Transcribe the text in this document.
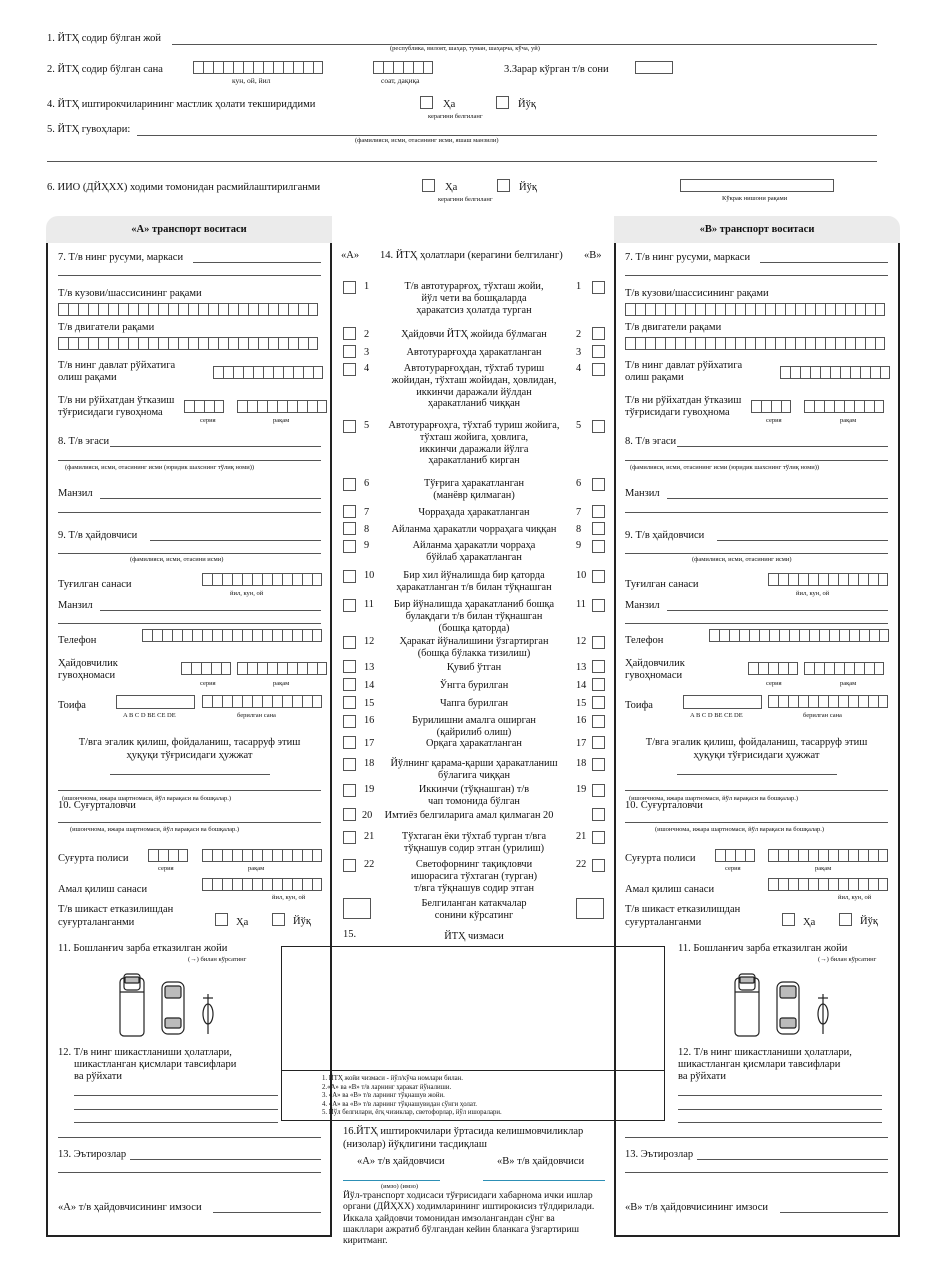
1. ЙТҲ содир бўлган жой
(республика, вилоят, шаҳар, туман, шаҳарча, кўча, уй)
2. ЙТҲ содир бўлган сана
кун, ой, йил	соат, дақиқа
3.Зарар кўрган т/в сони
4. ЙТҲ иштирокчиларининг мастлик ҳолати текшириддими	Ҳа	Йўқ
керагини белгиланг
5. ЙТҲ гувоҳлари:
(фамилияси, исми, отасининг исми, яшаш манзили)
6. ИИО (ДЙҲХХ) ходими томонидан расмийлаштирилганми	Ҳа	Йўқ
керагини белгиланг	Кўкрак нишони рақами
«А» транспорт воситаси	«В» транспорт воситаси
7. Т/в нинг русуми, маркаси
Т/в кузови/шассисининг рақами
Т/в двигатели рақами
Т/в нинг давлат рўйхатига
олиш рақами
Т/в ни рўйхатдан ўтказиш
тўғрисидаги гувоҳнома
серия	рақам
8. Т/в эгаси
(фамилияси, исми, отасининг исми (юридик шахснинг тўлиқ номи))
Манзил
9. Т/в ҳайдовчиси
(фамилияси, исми, отасини исми)
Туғилган санаси
йил, кун, ой
Манзил
Телефон
Ҳайдовчилик
гувоҳномаси
серия	рақам
Тоифа
A B C D BE CE DE	берилган сана
Т/вга эгалик қилиш, фойдаланиш, тасарруф этиш
ҳуқуқи тўғрисидаги ҳужжат
(ишончнома, ижара шартномаси, йўл варақаси ва бошқалар.)
10. Суғурталовчи
(ишончнома, ижара шартномаси, йўл варақаси ва бошқалар.)
Суғурта полиси
серия	рақам
Амал қилиш санаси
йил, кун, ой
Т/в шикаст етказилишдан
суғурталанганми	Ҳа	Йўқ
11. Бошланғич зарба етказилган жойи
(→) билан кўрсатинг
12. Т/в нинг шикастланиши ҳолатлари,
шикастланган қисмлари тавсифлари
ва рўйхати
13. Эътирозлар
«А» т/в ҳайдовчисининг имзоси
7. Т/в нинг русуми, маркаси
Т/в кузови/шассисининг рақами
Т/в двигатели рақами
Т/в нинг давлат рўйхатига
олиш рақами
Т/в ни рўйхатдан ўтказиш
тўғрисидаги гувоҳнома
серия	рақам
8. Т/в эгаси
(фамилияси, исми, отасининг исми (юридик шахснинг тўлиқ номи))
Манзил
9. Т/в ҳайдовчиси
(фамилияси, исми, отасининг исми)
Туғилган санаси
йил, кун, ой
Манзил
Телефон
Ҳайдовчилик
гувоҳномаси
серия	рақам
Тоифа
A B C D BE CE DE	берилган сана
Т/вга эгалик қилиш, фойдаланиш, тасарруф этиш
ҳуқуқи тўғрисидаги ҳужжат
(ишончнома, ижара шартномаси, йўл варақаси ва бошқалар.)
10. Суғурталовчи
(ишончнома, ижара шартномаси, йўл варақаси ва бошқалар.)
Суғурта полиси
серия	рақам
Амал қилиш санаси
йил, кун, ой
Т/в шикаст етказилишдан
суғурталанганми	Ҳа	Йўқ
11. Бошланғич зарба етказилган жойи
(→) билан кўрсатинг
12. Т/в нинг шикастланиши ҳолатлари,
шикастланган қисмлари тавсифлари
ва рўйхати
13. Эътирозлар
«В» т/в ҳайдовчисининг имзоси
«А» 14. ЙТҲ ҳолатлари (керагини белгиланг) «В»
1	1
Т/в автотурарғоҳ, тўхташ жойи,
йўл чети ва бошқаларда
ҳаракатсиз ҳолатда турган
2	2
Ҳайдовчи ЙТҲ жойида бўлмаган
3	3
Автотурарғоҳда ҳаракатланган
4	4
Автотурарғоҳдан, тўхтаб туриш
жойидан, тўхташ жойидан, ҳовлидан,
иккинчи даражали йўлдан
ҳаракатланиб чиққан
5	5
Автотурарғоҳга, тўхтаб туриш жойига,
тўхташ жойига, ҳовлига,
иккинчи даражали йўлга
ҳаракатланиб кирган
6	6
Тўғрига ҳаракатланган
(манёвр қилмаган)
7	7
Чорраҳада ҳаракатланган
8	8
Айланма ҳаракатли чорраҳага чиққан
9	9
Айланма ҳаракатли чорраҳа
бўйлаб ҳаракатланган
10	10
Бир хил йўналишда бир қаторда
ҳаракатланган т/в билан тўқнашган
11	11
Бир йўналишда ҳаракатланиб бошқа
булақдаги т/в билан тўқнашган
(бошқа қаторда)
12	12
Ҳаракат йўналишини ўзгартирган
(бошқа бўлакка тизилиш)
13	13
Қувиб ўтган
14	14
Ўнгга бурилган
15	15
Чапга бурилган
16	16
Бурилишни амалга оширган
(қайрилиб олиш)
17	17
Орқага ҳаракатланган
18	18
Йўлнинг қарама-қарши ҳаракатланиш
бўлагига чиққан
19	19
Иккинчи (тўқнашган) т/в
чап томонида бўлган
20	Имтиёз белгиларига амал қилмаган 20
21	21
Тўхтаган ёки тўхтаб турган т/вга
тўқнашув содир этган (урилиш)
22	22
Светофорнинг тақиқловчи
ишорасига тўхтаган (турган)
т/вга тўқнашув содир этган
Белгиланган катакчалар
сонини кўрсатинг
15.	ЙТҲ чизмаси
1. ЙТҲ жойи чизмаси - йўл/кўча номлари билан.
2.«А» ва «В» т/в ларнинг ҳаракат йўналиши.
3. «А» ва «В» т/в ларнинг тўқнашув жойи.
4. «А» ва «В» т/в ларнинг тўқнашувидан сўнги ҳолат.
5. Йўл белгилари, ёгқ чизиклар, светофорлар, йўл ишоралари.
16.ЙТҲ иштирокчилари ўртасида келишмовчиликлар
(низолар) йўқлигини тасдиқлаш
«А» т/в ҳайдовчиси	«В» т/в ҳайдовчиси
(имзо) (имзо)
Йўл-транспорт ходисаси тўғрисидаги хабарнома ички ишлар
органи (ДЙҲХХ) ходимларининг иштирокисиз тўлдирилади.
Иккала ҳайдовчи томонидан имзолангандан сўнг ва
шакллари ажратиб бўлгандан кейин бланкага ўзгартириш
киритманг.
